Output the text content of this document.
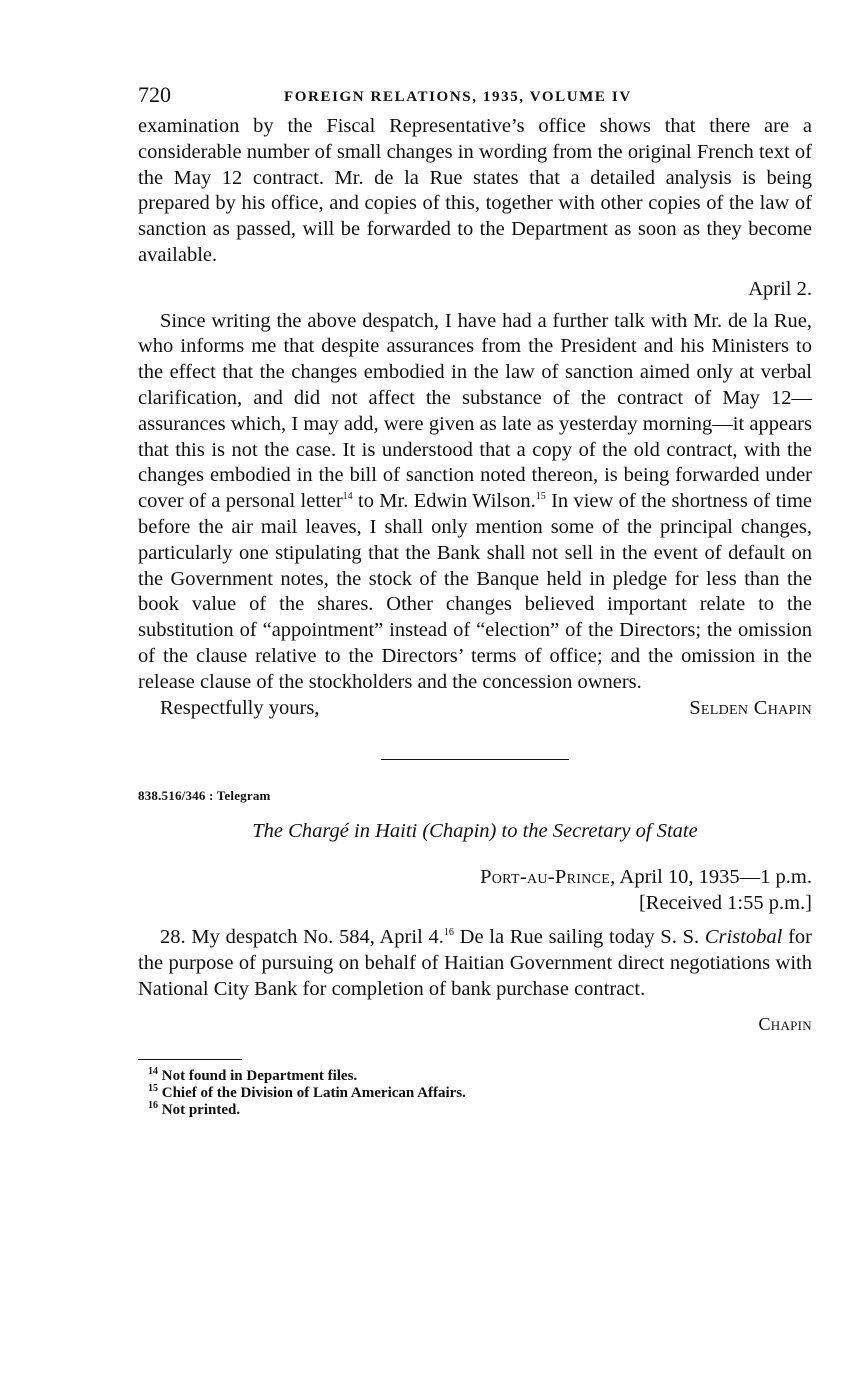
720	FOREIGN RELATIONS, 1935, VOLUME IV

examination by the Fiscal Representative’s office shows that there are a considerable number of small changes in wording from the original French text of the May 12 contract. Mr. de la Rue states that a detailed analysis is being prepared by his office, and copies of this, together with other copies of the law of sanction as passed, will be forwarded to the Department as soon as they become available.

April 2.

Since writing the above despatch, I have had a further talk with Mr. de la Rue, who informs me that despite assurances from the President and his Ministers to the effect that the changes embodied in the law of sanction aimed only at verbal clarification, and did not affect the substance of the contract of May 12—assurances which, I may add, were given as late as yesterday morning—it appears that this is not the case. It is understood that a copy of the old contract, with the changes embodied in the bill of sanction noted thereon, is being forwarded under cover of a personal letter$^{14}$ to Mr. Edwin Wilson.$^{15}$ In view of the shortness of time before the air mail leaves, I shall only mention some of the principal changes, particularly one stipulating that the Bank shall not sell in the event of default on the Government notes, the stock of the Banque held in pledge for less than the book value of the shares. Other changes believed important relate to the substitution of “appointment” instead of “election” of the Directors; the omission of the clause relative to the Directors’ terms of office; and the omission in the release clause of the stockholders and the concession owners.

Respectfully yours,	Selden Chapin
838.516/346 : Telegram
The Chargé in Haiti (Chapin) to the Secretary of State

Port-au-Prince, April 10, 1935—1 p.m.

[Received 1:55 p.m.]

28. My despatch No. 584, April 4.16 De la Rue sailing today S. S. Cristobal for the purpose of pursuing on behalf of Haitian Government direct negotiations with National City Bank for completion of bank purchase contract.

Chapin

$^{14}$ Not found in Department files.

$^{15}$ Chief of the Division of Latin American Affairs.

$^{16}$ Not printed.
